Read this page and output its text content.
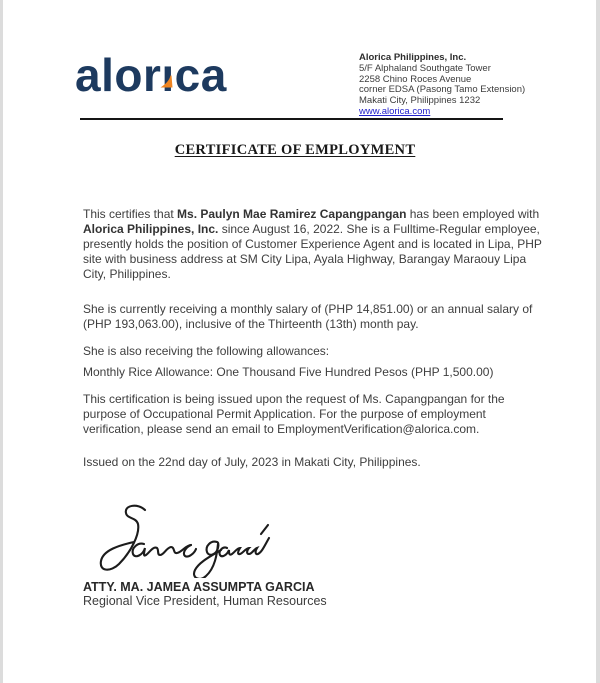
alorı
ca	Alorica Philippines, Inc.
5/F Alphaland Southgate Tower
2258 Chino Roces Avenue
corner EDSA (Pasong Tamo Extension)
Makati City, Philippines 1232
www.alorica.com
CERTIFICATE OF EMPLOYMENT

This certifies that Ms. Paulyn Mae Ramirez Capangpangan has been employed with Alorica Philippines, Inc. since August 16, 2022. She is a Fulltime-Regular employee, presently holds the position of Customer Experience Agent and is located in Lipa, PHP site with business address at SM City Lipa, Ayala Highway, Barangay Maraouy Lipa City, Philippines.

She is currently receiving a monthly salary of (PHP 14,851.00) or an annual salary of (PHP 193,063.00), inclusive of the Thirteenth (13th) month pay.

She is also receiving the following allowances:

Monthly Rice Allowance: One Thousand Five Hundred Pesos (PHP 1,500.00)

This certification is being issued upon the request of Ms. Capangpangan for the purpose of Occupational Permit Application. For the purpose of employment verification, please send an email to EmploymentVerification@alorica.com.

Issued on the 22nd day of July, 2023 in Makati City, Philippines.

ATTY. MA. JAMEA ASSUMPTA GARCIA
Regional Vice President, Human Resources
